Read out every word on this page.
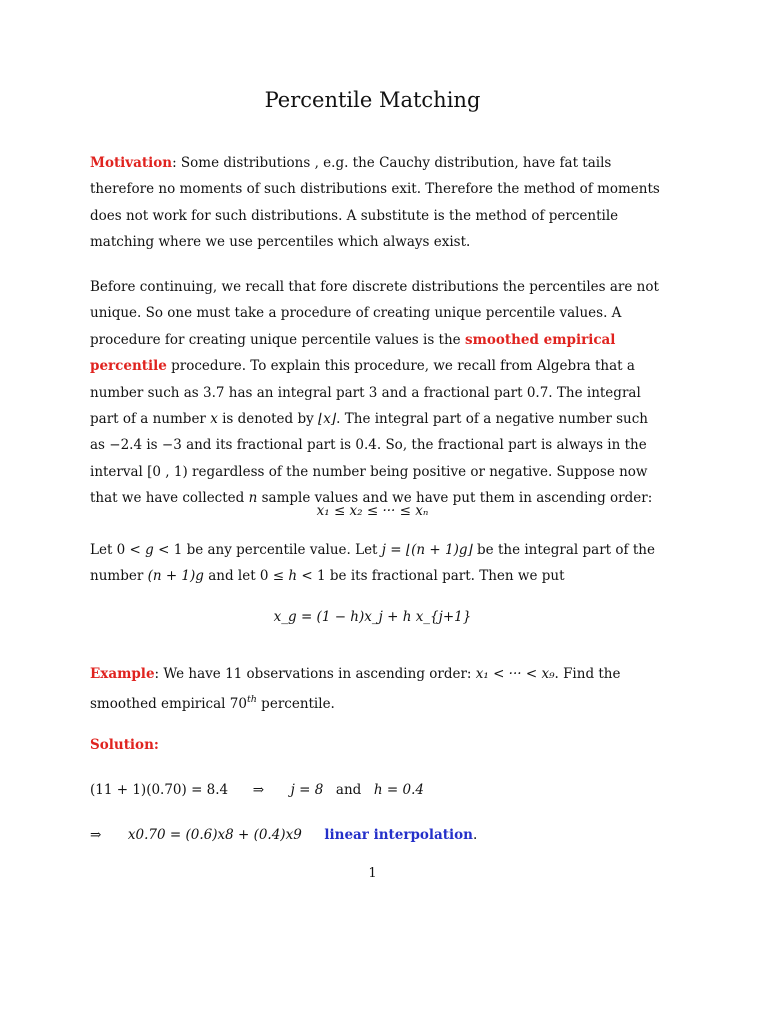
Percentile Matching

Motivation: Some distributions , e.g. the Cauchy distribution, have fat tails therefore no moments of such distributions exit. Therefore the method of moments does not work for such distributions. A substitute is the method of percentile matching where we use percentiles which always exist.

Before continuing, we recall that fore discrete distributions the percentiles are not unique. So one must take a procedure of creating unique percentile values. A procedure for creating unique percentile values is the smoothed empirical percentile procedure. To explain this procedure, we recall from Algebra that a number such as 3.7 has an integral part 3 and a fractional part 0.7. The integral part of a number x is denoted by ⌊x⌋. The integral part of a negative number such as −2.4 is −3 and its fractional part is 0.4. So, the fractional part is always in the interval [0 , 1) regardless of the number being positive or negative. Suppose now that we have collected n sample values and we have put them in ascending order:

x₁ ≤ x₂ ≤ ··· ≤ xₙ

Let 0 < g < 1 be any percentile value. Let j = ⌊(n + 1)g⌋ be the integral part of the number (n + 1)g and let 0 ≤ h < 1 be its fractional part. Then we put

x_g = (1 − h)x_j + h x_{j+1}

Example: We have 11 observations in ascending order: x₁ < ··· < x₉. Find the smoothed empirical 70th percentile.

Solution:
(11 + 1)(0.70) = 8.4 ⇒ j = 8 and h = 0.4
⇒ x0.70 = (0.6)x8 + (0.4)x9 linear interpolation.
1
